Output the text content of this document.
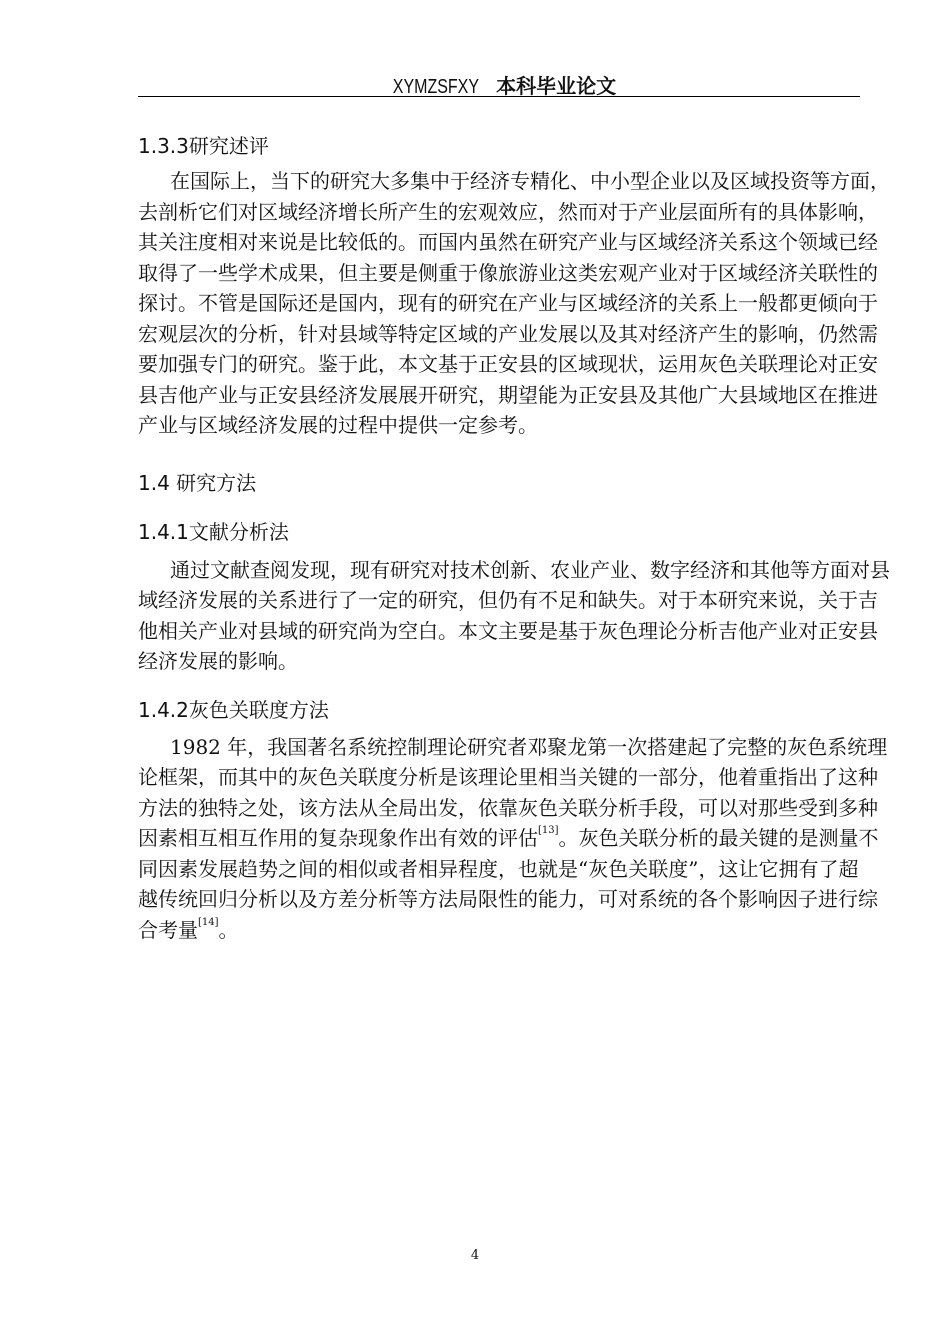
XYMZSFXY 本科毕业论文
1.3.3研究述评
在国际上，当下的研究大多集中于经济专精化、中小型企业以及区域投资等方面，
去剖析它们对区域经济增长所产生的宏观效应，然而对于产业层面所有的具体影响，
其关注度相对来说是比较低的。而国内虽然在研究产业与区域经济关系这个领域已经
取得了一些学术成果，但主要是侧重于像旅游业这类宏观产业对于区域经济关联性的
探讨。不管是国际还是国内，现有的研究在产业与区域经济的关系上一般都更倾向于
宏观层次的分析，针对县域等特定区域的产业发展以及其对经济产生的影响，仍然需
要加强专门的研究。鉴于此，本文基于正安县的区域现状，运用灰色关联理论对正安
县吉他产业与正安县经济发展展开研究，期望能为正安县及其他广大县域地区在推进
产业与区域经济发展的过程中提供一定参考。
1.4 研究方法
1.4.1文献分析法
通过文献查阅发现，现有研究对技术创新、农业产业、数字经济和其他等方面对县
域经济发展的关系进行了一定的研究，但仍有不足和缺失。对于本研究来说，关于吉
他相关产业对县域的研究尚为空白。本文主要是基于灰色理论分析吉他产业对正安县
经济发展的影响。
1.4.2灰色关联度方法
1982 年，我国著名系统控制理论研究者邓聚龙第一次搭建起了完整的灰色系统理
论框架，而其中的灰色关联度分析是该理论里相当关键的一部分，他着重指出了这种
方法的独特之处，该方法从全局出发，依靠灰色关联分析手段，可以对那些受到多种
因素相互相互作用的复杂现象作出有效的评估[13]。灰色关联分析的最关键的是测量不
同因素发展趋势之间的相似或者相异程度，也就是“灰色关联度”，这让它拥有了超
越传统回归分析以及方差分析等方法局限性的能力，可对系统的各个影响因子进行综
合考量[14]。
4
